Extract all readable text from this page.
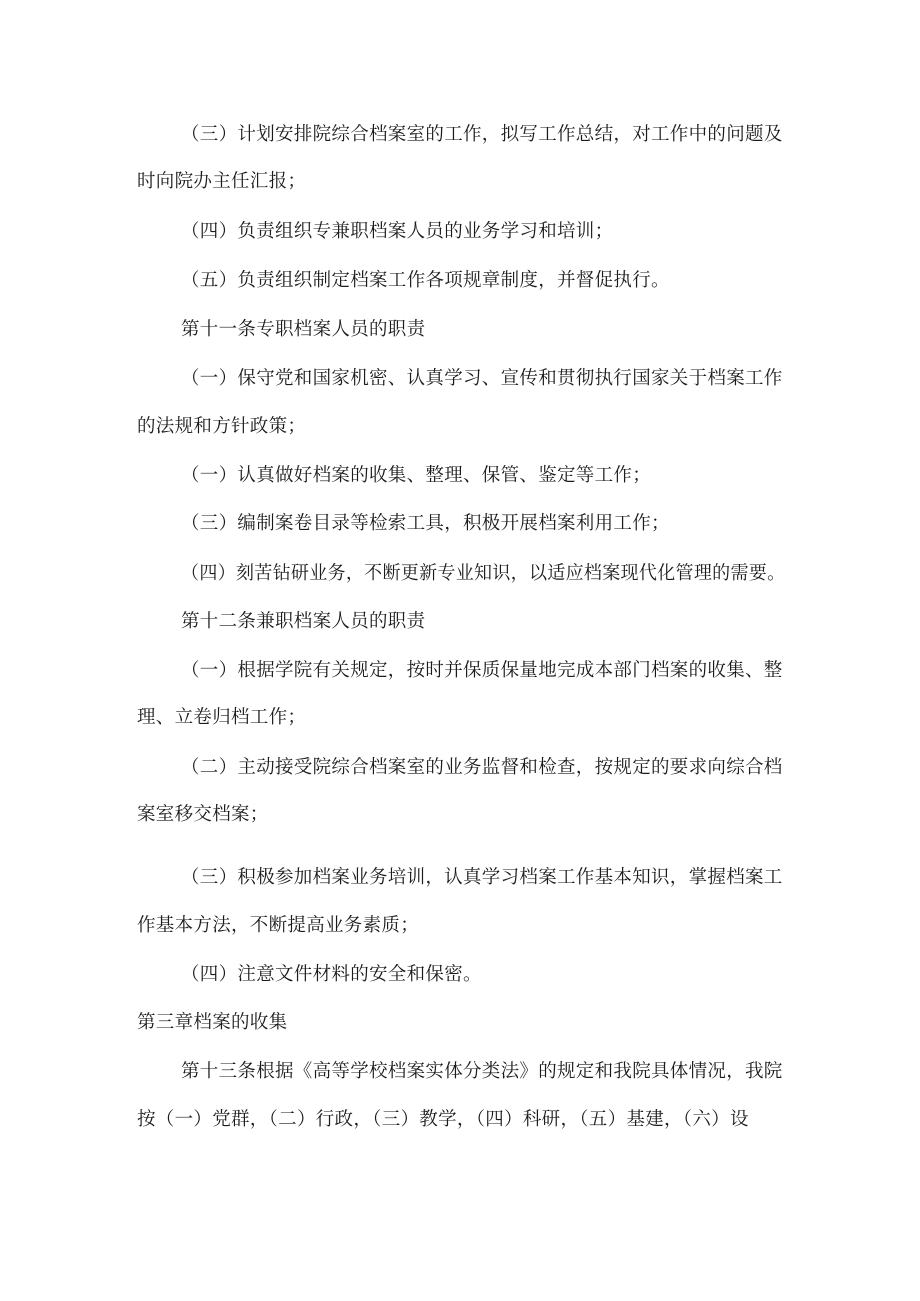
（三）计划安排院综合档案室的工作，拟写工作总结，对工作中的问题及
时向院办主任汇报；
（四）负责组织专兼职档案人员的业务学习和培训；
（五）负责组织制定档案工作各项规章制度，并督促执行。
第十一条专职档案人员的职责
（一）保守党和国家机密、认真学习、宣传和贯彻执行国家关于档案工作
的法规和方针政策；
（一）认真做好档案的收集、整理、保管、鉴定等工作；
（三）编制案卷目录等检索工具，积极开展档案利用工作；
（四）刻苦钻研业务，不断更新专业知识，以适应档案现代化管理的需要。
第十二条兼职档案人员的职责
（一）根据学院有关规定，按时并保质保量地完成本部门档案的收集、整
理、立卷归档工作；
（二）主动接受院综合档案室的业务监督和检查，按规定的要求向综合档
案室移交档案；
（三）积极参加档案业务培训，认真学习档案工作基本知识，掌握档案工
作基本方法，不断提高业务素质；
（四）注意文件材料的安全和保密。
第三章档案的收集
第十三条根据《高等学校档案实体分类法》的规定和我院具体情况，我院
按（一）党群，（二）行政，（三）教学，（四）科研，（五）基建，（六）设
